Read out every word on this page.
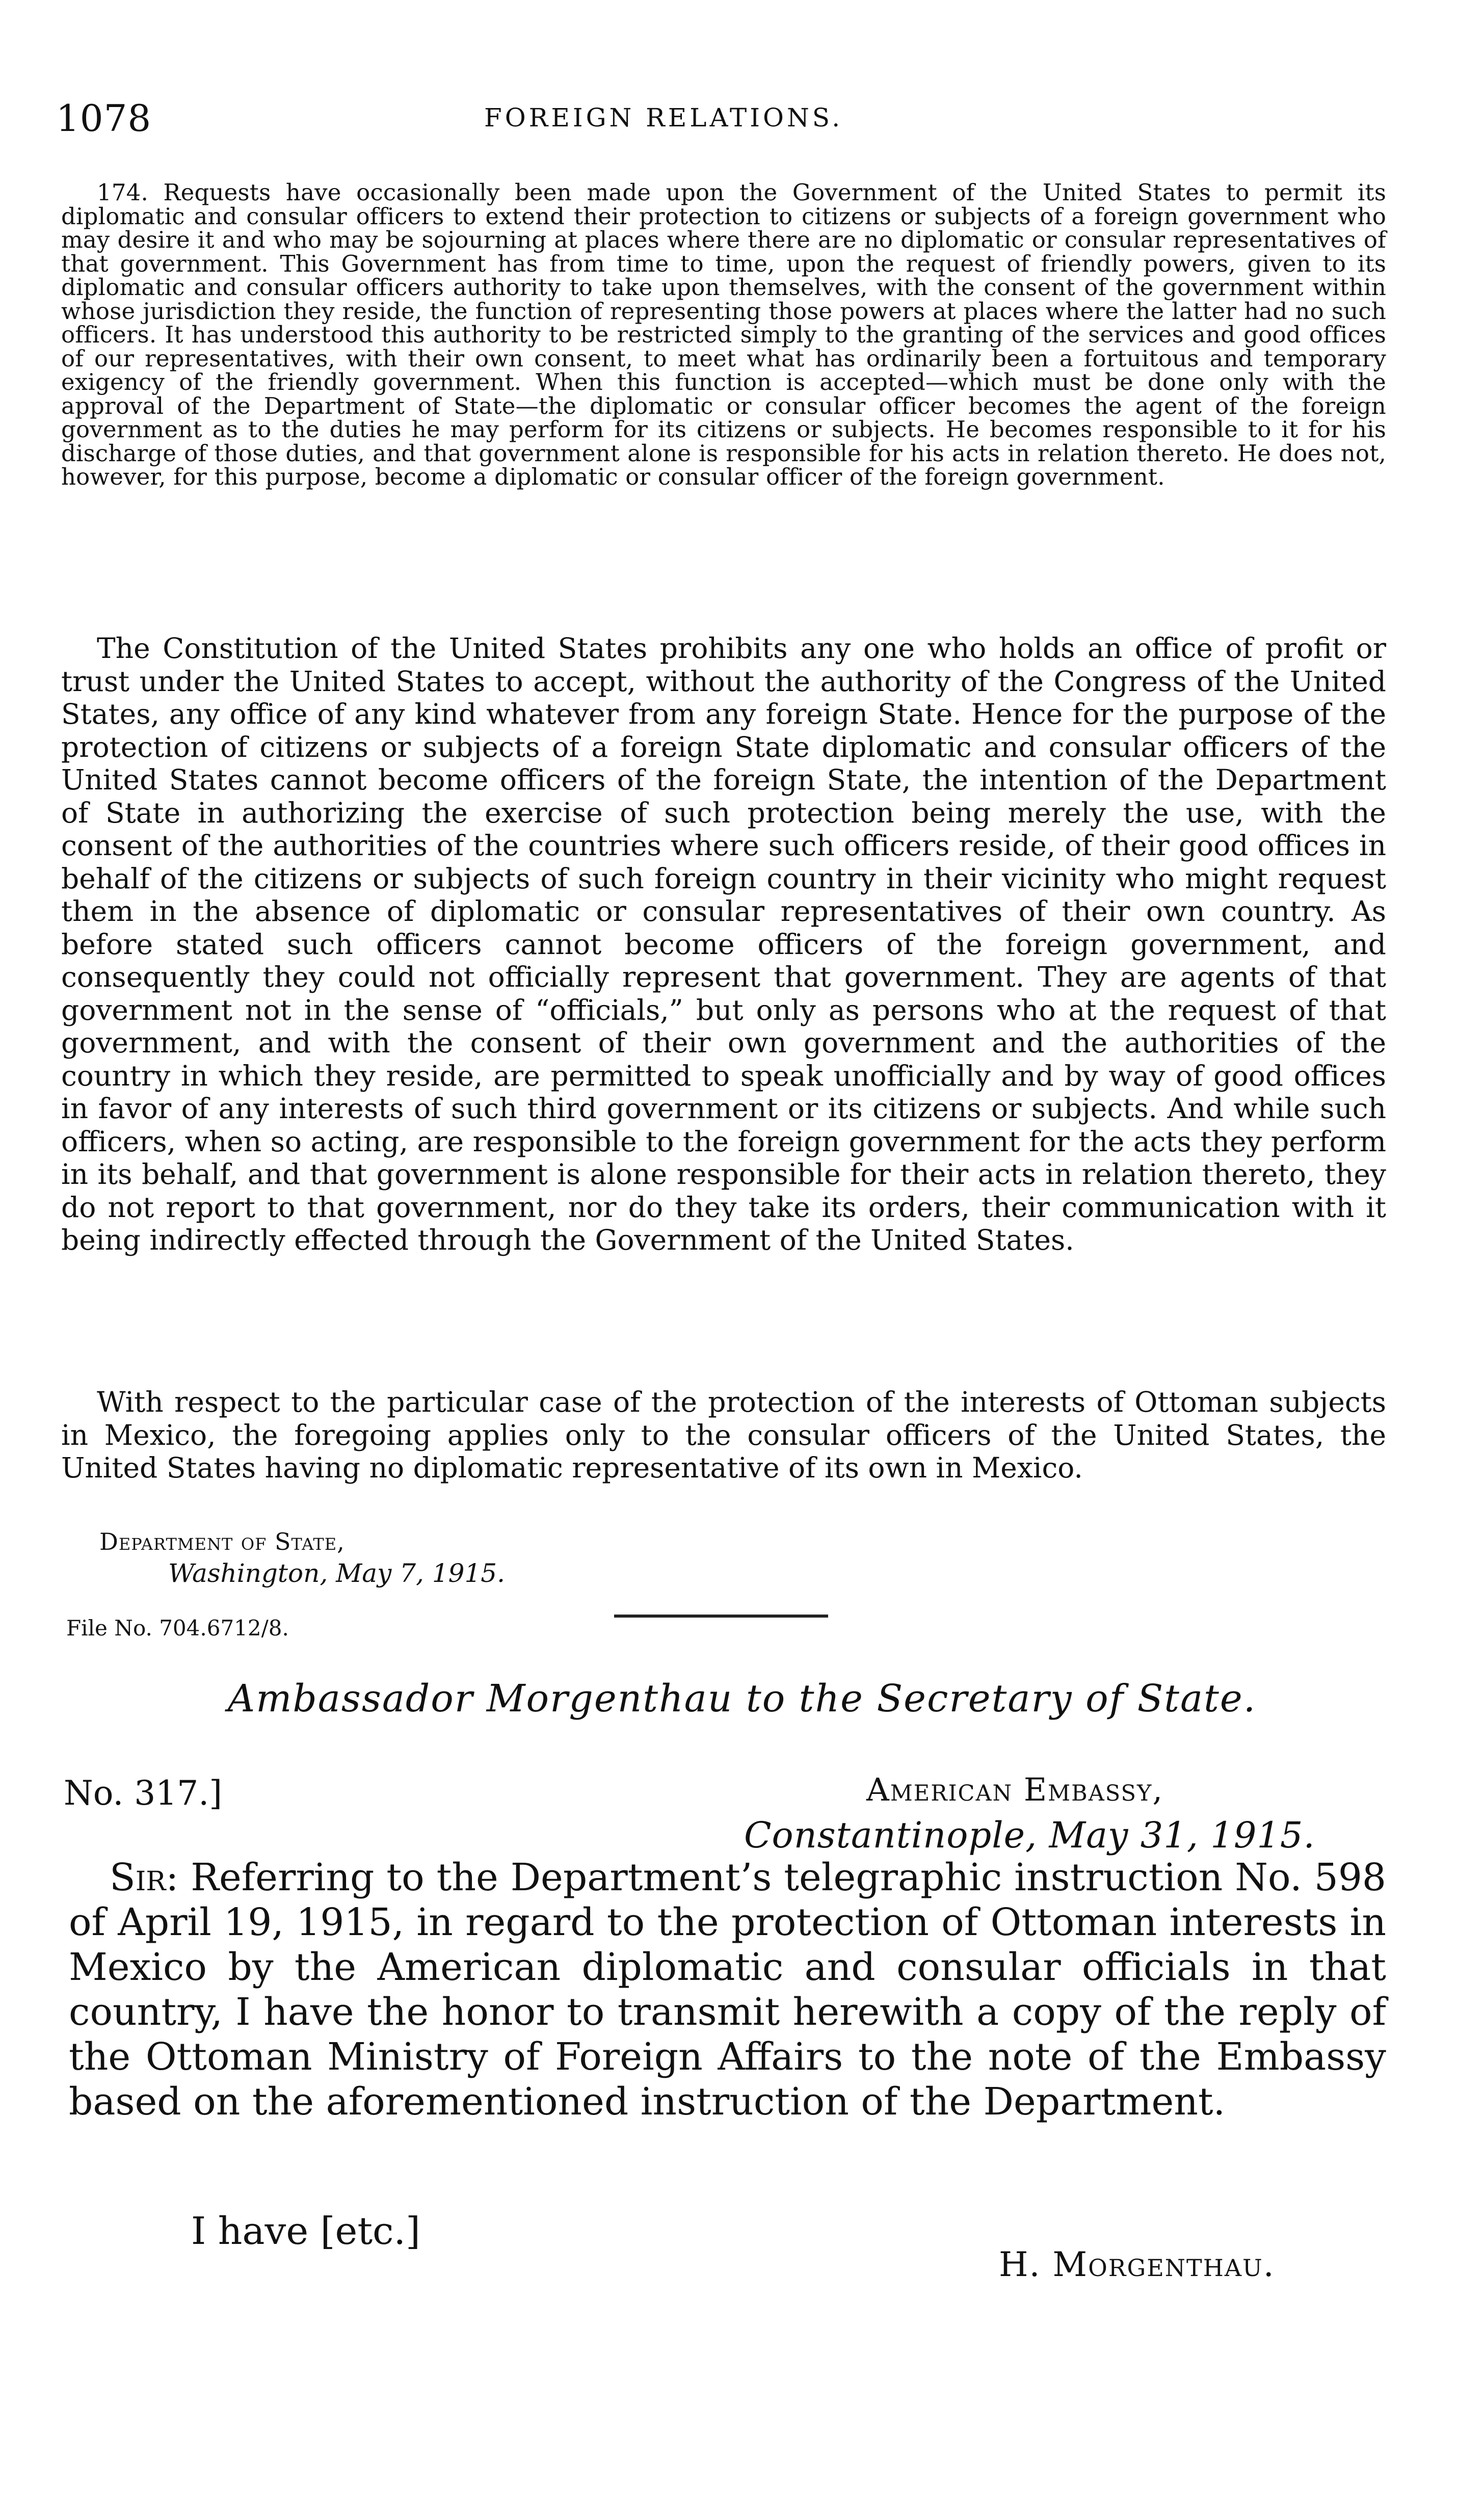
1078	FOREIGN RELATIONS.

174. Requests have occasionally been made upon the Government of the United States to permit its diplomatic and consular officers to extend their protection to citizens or subjects of a foreign government who may desire it and who may be sojourning at places where there are no diplomatic or consular representatives of that government. This Government has from time to time, upon the request of friendly powers, given to its diplomatic and consular officers authority to take upon themselves, with the consent of the government within whose jurisdiction they reside, the function of representing those powers at places where the latter had no such officers. It has understood this authority to be restricted simply to the granting of the services and good offices of our representatives, with their own consent, to meet what has ordinarily been a fortuitous and temporary exigency of the friendly government. When this function is accepted—which must be done only with the approval of the Department of State—the diplomatic or consular officer becomes the agent of the foreign government as to the duties he may perform for its citizens or subjects. He becomes responsible to it for his discharge of those duties, and that government alone is responsible for his acts in relation thereto. He does not, however, for this purpose, become a diplomatic or consular officer of the foreign government.

The Constitution of the United States prohibits any one who holds an office of profit or trust under the United States to accept, without the authority of the Congress of the United States, any office of any kind whatever from any foreign State. Hence for the purpose of the protection of citizens or subjects of a foreign State diplomatic and consular officers of the United States cannot become officers of the foreign State, the intention of the Department of State in authorizing the exercise of such protection being merely the use, with the consent of the authorities of the countries where such officers reside, of their good offices in behalf of the citizens or subjects of such foreign country in their vicinity who might request them in the absence of diplomatic or consular representatives of their own country. As before stated such officers cannot become officers of the foreign government, and consequently they could not officially represent that government. They are agents of that government not in the sense of “officials,” but only as persons who at the request of that government, and with the consent of their own government and the authorities of the country in which they reside, are permitted to speak unofficially and by way of good offices in favor of any interests of such third government or its citizens or subjects. And while such officers, when so acting, are responsible to the foreign government for the acts they perform in its behalf, and that government is alone responsible for their acts in relation thereto, they do not report to that government, nor do they take its orders, their communication with it being indirectly effected through the Government of the United States.

With respect to the particular case of the protection of the interests of Ottoman subjects in Mexico, the foregoing applies only to the consular officers of the United States, the United States having no diplomatic representative of its own in Mexico.

Department of State,
Washington, May 7, 1915.
File No. 704.6712/8.
Ambassador Morgenthau to the Secretary of State.
No. 317.]	American Embassy,
Constantinople, May 31, 1915.

Sir: Referring to the Department’s telegraphic instruction No. 598 of April 19, 1915, in regard to the protection of Ottoman interests in Mexico by the American diplomatic and consular officials in that country, I have the honor to transmit herewith a copy of the reply of the Ottoman Ministry of Foreign Affairs to the note of the Embassy based on the aforementioned instruction of the Department.

I have [etc.]
H. Morgenthau.
